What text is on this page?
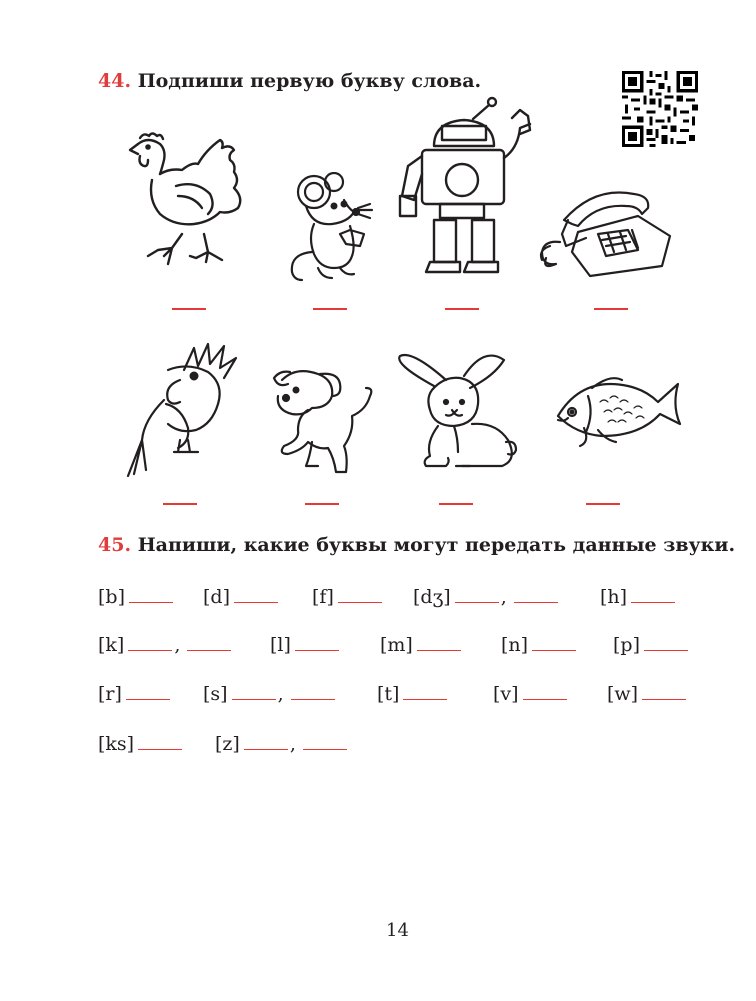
44. Подпиши первую букву слова.
45. Напиши, какие буквы могут передать данные звуки.
[b]	[d]	[f]	[dʒ]	,	[h]
[k]	,	[l]	[m]	[n]	[p]
[r]	[s]	,	[t]	[v]	[w]
[ks]	[z]	,
14
